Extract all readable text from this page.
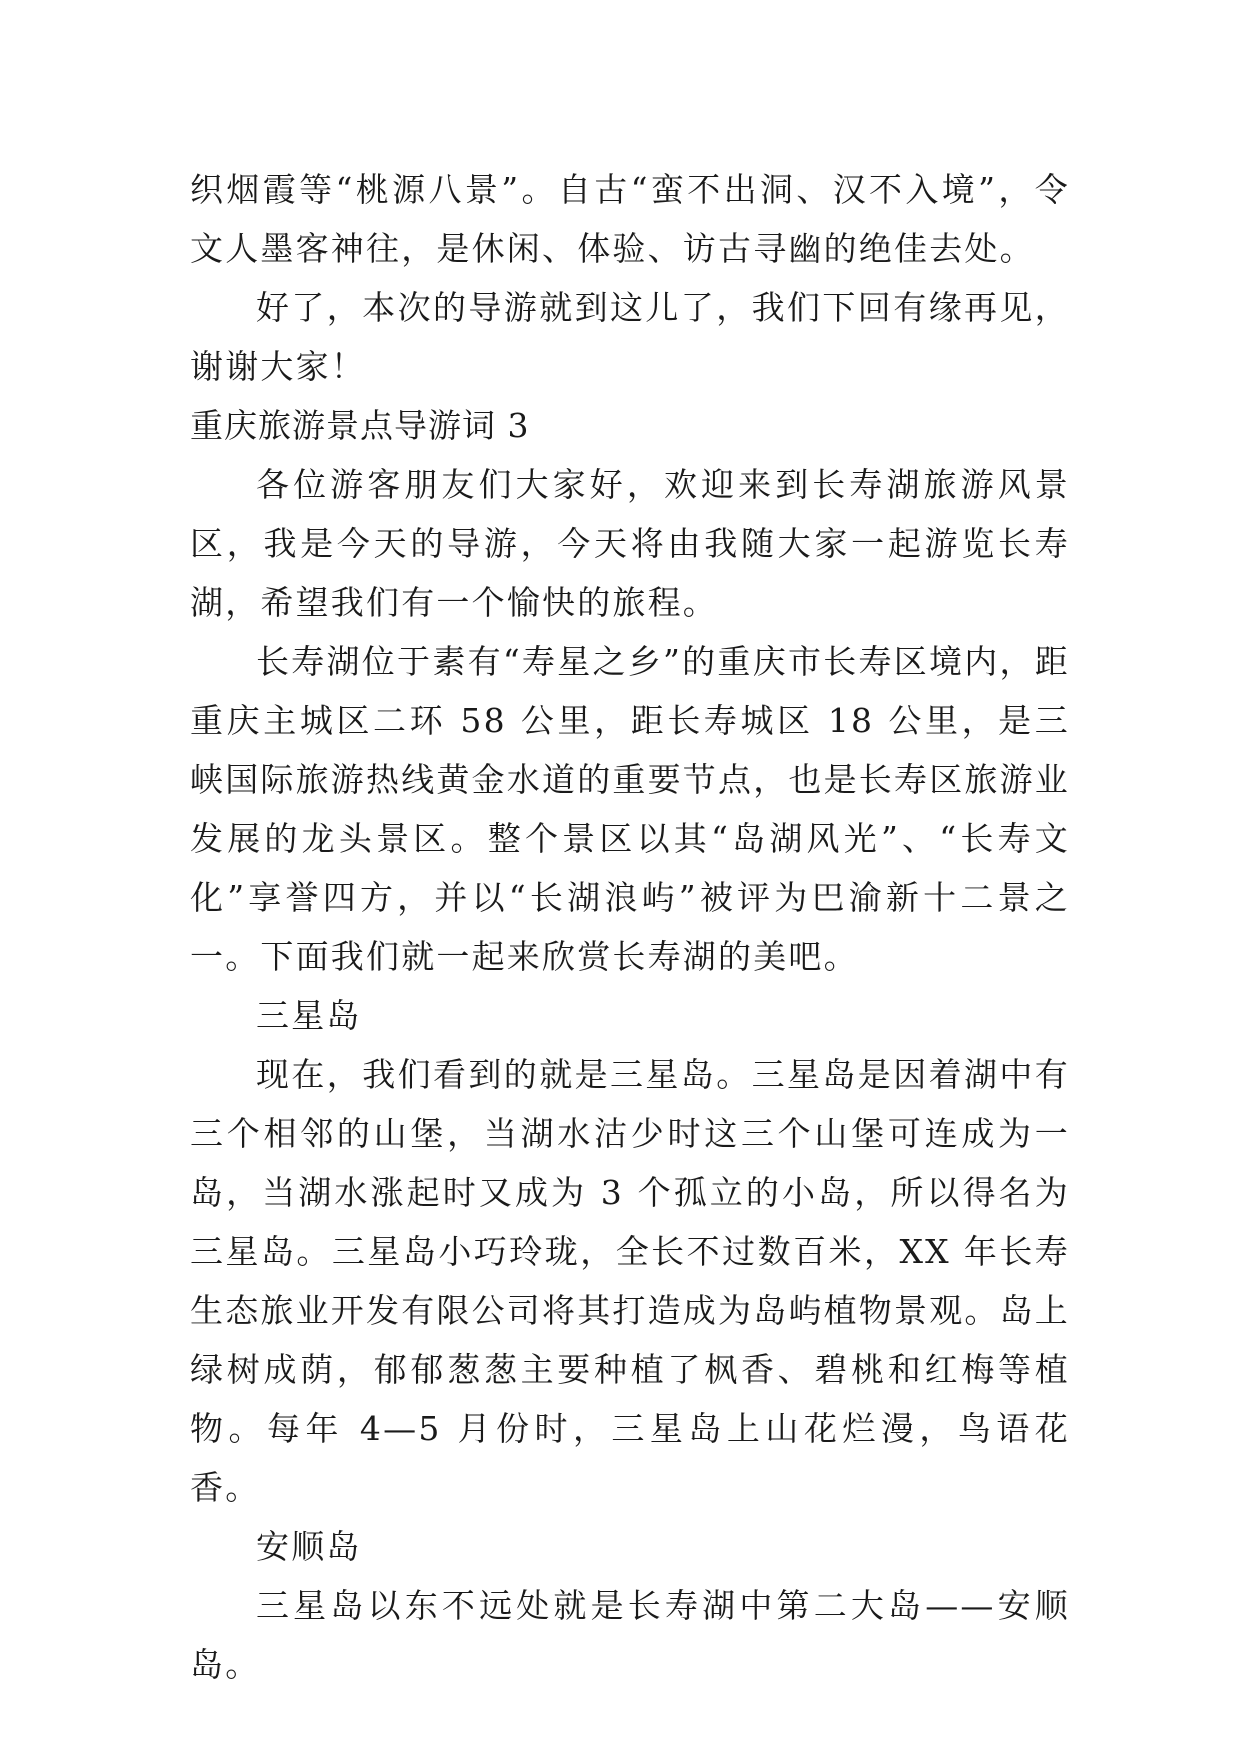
织烟霞等“桃源八景”。自古“蛮不出洞、汉不入境”，令文人墨客神往，是休闲、体验、访古寻幽的绝佳去处。

好了，本次的导游就到这儿了，我们下回有缘再见，谢谢大家！

重庆旅游景点导游词 3

各位游客朋友们大家好，欢迎来到长寿湖旅游风景区，我是今天的导游，今天将由我随大家一起游览长寿湖，希望我们有一个愉快的旅程。

长寿湖位于素有“寿星之乡”的重庆市长寿区境内，距重庆主城区二环 58 公里，距长寿城区 18 公里，是三峡国际旅游热线黄金水道的重要节点，也是长寿区旅游业发展的龙头景区。整个景区以其“岛湖风光”、“长寿文化”享誉四方，并以“长湖浪屿”被评为巴渝新十二景之一。下面我们就一起来欣赏长寿湖的美吧。

三星岛

现在，我们看到的就是三星岛。三星岛是因着湖中有三个相邻的山堡，当湖水沽少时这三个山堡可连成为一岛，当湖水涨起时又成为 3 个孤立的小岛，所以得名为三星岛。三星岛小巧玲珑，全长不过数百米，XX 年长寿生态旅业开发有限公司将其打造成为岛屿植物景观。岛上绿树成荫，郁郁葱葱主要种植了枫香、碧桃和红梅等植物。每年 4—5 月份时，三星岛上山花烂漫，鸟语花香。

安顺岛

三星岛以东不远处就是长寿湖中第二大岛——安顺岛。
